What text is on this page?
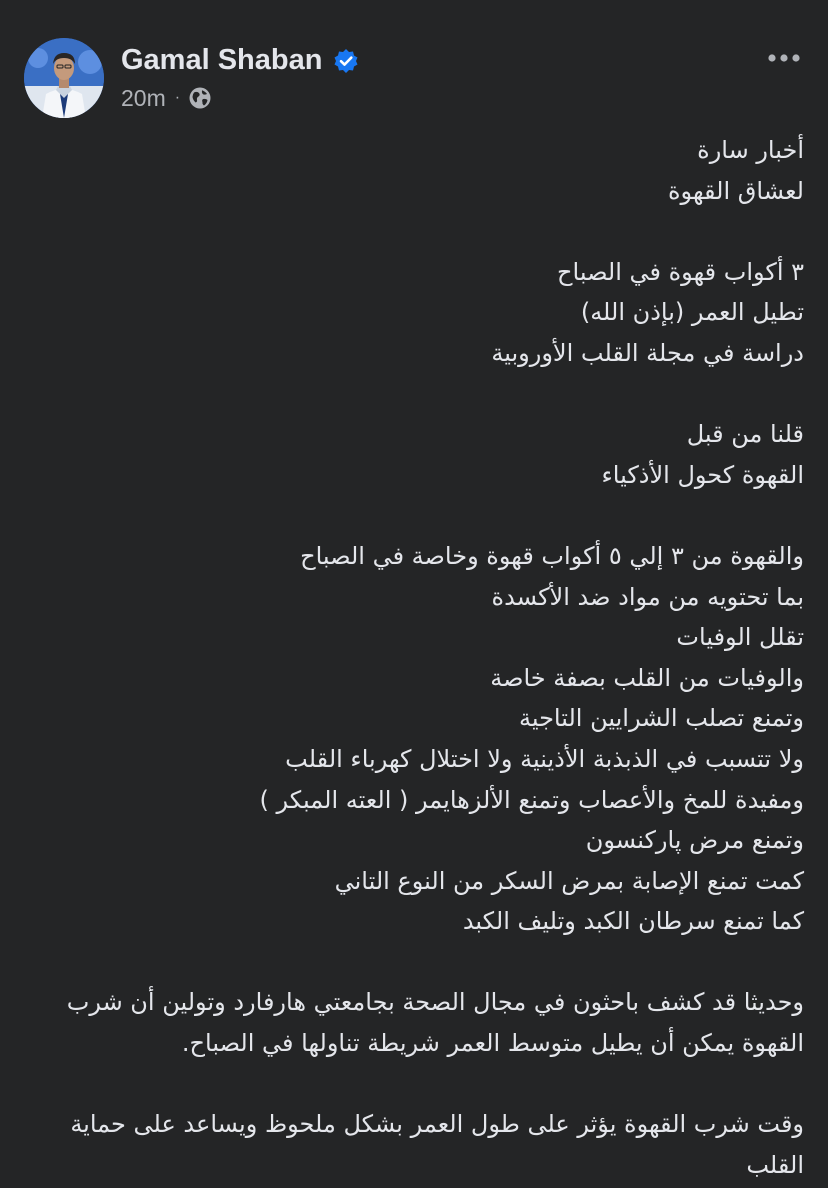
Gamal Shaban
20m ·
أخبار سارة
لعشاق القهوة
٣ أكواب قهوة في الصباح
تطيل العمر (بإذن الله)
دراسة في مجلة القلب الأوروبية
قلنا من قبل
القهوة كحول الأذكياء
والقهوة من ٣ إلي ٥ أكواب قهوة وخاصة في الصباح
بما تحتويه من مواد ضد الأكسدة
تقلل الوفيات
والوفيات من القلب بصفة خاصة
وتمنع تصلب الشرايين التاجية
ولا تتسبب في الذبذبة الأذينية ولا اختلال كهرباء القلب
ومفيدة للمخ والأعصاب وتمنع الألزهايمر ( العته المبكر )
وتمنع مرض پاركنسون
كمت تمنع الإصابة بمرض السكر من النوع التاني
كما تمنع سرطان الكبد وتليف الكبد
وحديثا قد كشف باحثون في مجال الصحة بجامعتي هارفارد وتولين أن شرب القهوة يمكن أن يطيل متوسط العمر شريطة تناولها في الصباح.
وقت شرب القهوة يؤثر على طول العمر بشكل ملحوظ ويساعد على حماية القلب
